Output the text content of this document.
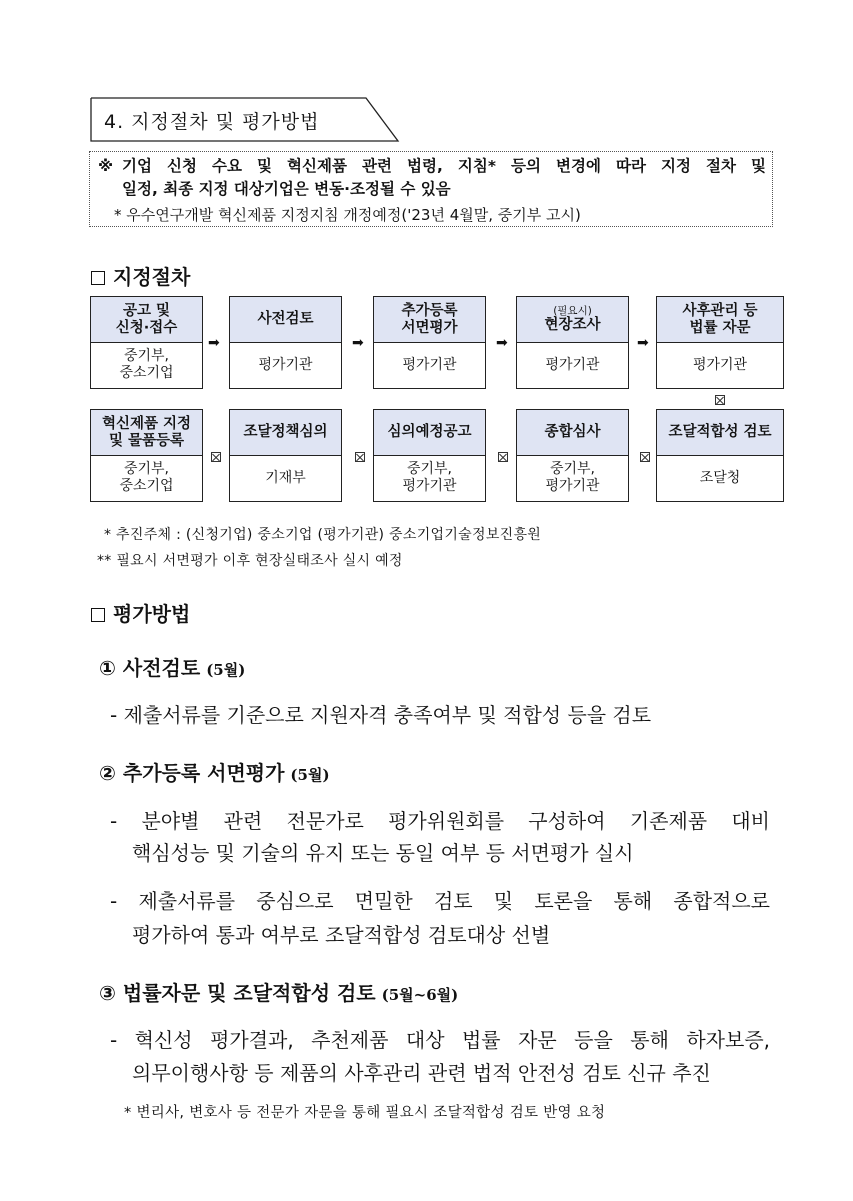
4. 지정절차 및 평가방법
※ 기업 신청 수요 및 혁신제품 관련 법령, 지침* 등의 변경에 따라 지정 절차 및
일정, 최종 지정 대상기업은 변동·조정될 수 있음
* 우수연구개발 혁신제품 지정지침 개정예정('23년 4월말, 중기부 고시)
지정절차
공고 및
신청·접수
중기부,
중소기업
사전검토
평가기관
추가등록
서면평가
평가기관
(필요시)
현장조사
평가기관
사후관리 등
법률 자문
평가기관
➡	➡	➡	➡
혁신제품 지정
및 물품등록
중기부,
중소기업
조달정책심의
기재부
심의예정공고
중기부,
평가기관
종합심사
중기부,
평가기관
조달적합성 검토
조달청
* 추진주체 : (신청기업) 중소기업 (평가기관) 중소기업기술정보진흥원
** 필요시 서면평가 이후 현장실태조사 실시 예정
평가방법
① 사전검토 (5월)
- 제출서류를 기준으로 지원자격 충족여부 및 적합성 등을 검토
② 추가등록 서면평가 (5월)
- 분야별 관련 전문가로 평가위원회를 구성하여 기존제품 대비
핵심성능 및 기술의 유지 또는 동일 여부 등 서면평가 실시
- 제출서류를 중심으로 면밀한 검토 및 토론을 통해 종합적으로
평가하여 통과 여부로 조달적합성 검토대상 선별
③ 법률자문 및 조달적합성 검토 (5월~6월)
- 혁신성 평가결과, 추천제품 대상 법률 자문 등을 통해 하자보증,
의무이행사항 등 제품의 사후관리 관련 법적 안전성 검토 신규 추진
* 변리사, 변호사 등 전문가 자문을 통해 필요시 조달적합성 검토 반영 요청
